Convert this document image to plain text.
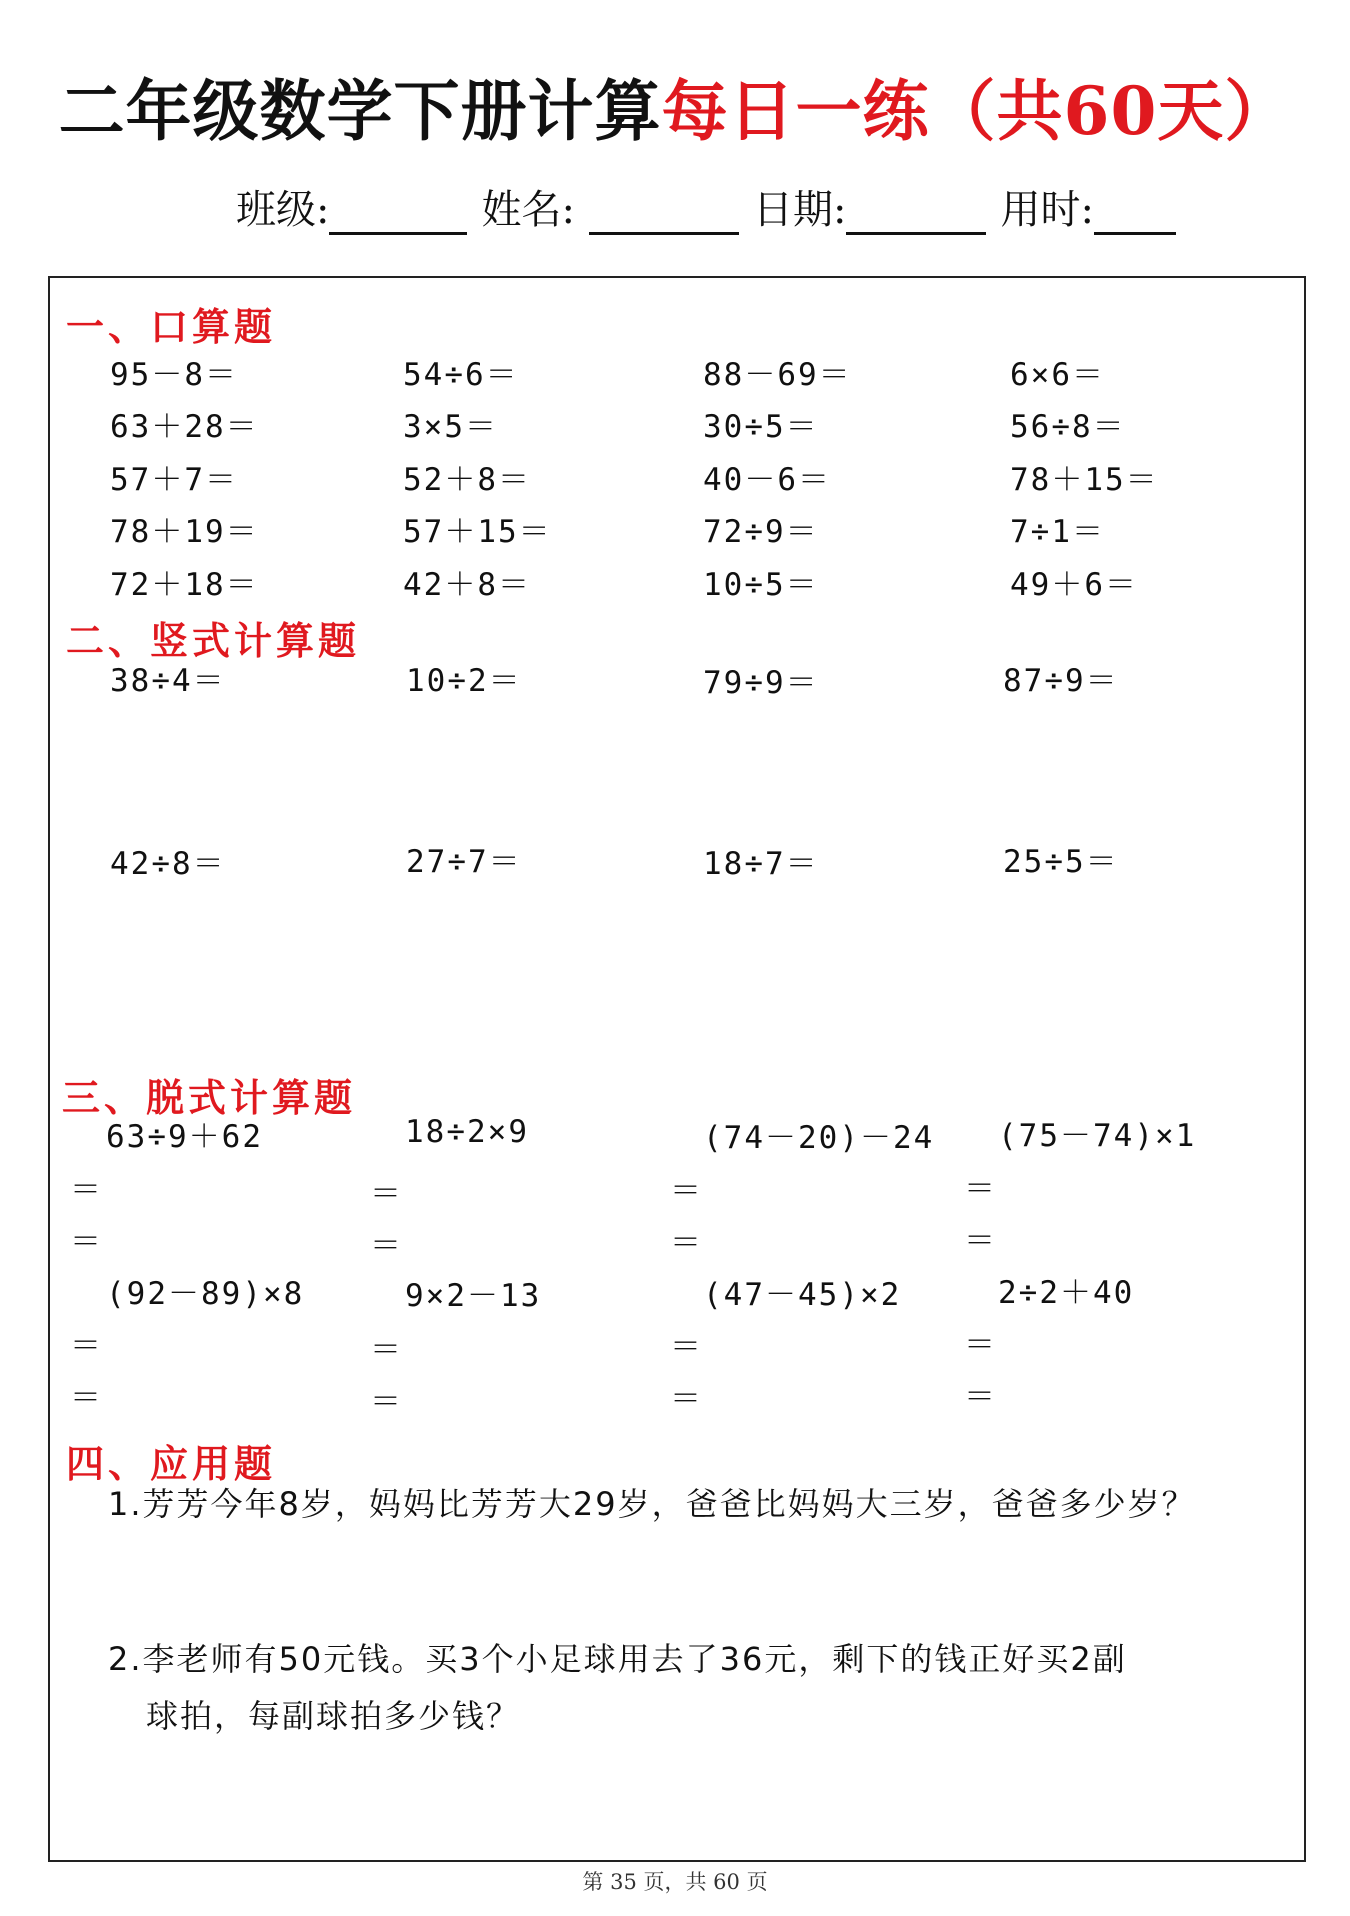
二年级数学下册计算每日一练（共60天）
班级:	姓名:	日期:	用时:
一、口算题
95－8＝	54÷6＝	88－69＝	6×6＝
63＋28＝	3×5＝	30÷5＝	56÷8＝
57＋7＝	52＋8＝	40－6＝	78＋15＝
78＋19＝	57＋15＝	72÷9＝	7÷1＝
72＋18＝	42＋8＝	10÷5＝	49＋6＝
二、竖式计算题
38÷4＝	10÷2＝	79÷9＝	87÷9＝
42÷8＝	27÷7＝	18÷7＝	25÷5＝
三、脱式计算题
63÷9＋62	18÷2×9	(74－20)－24 (75－74)×1
＝	＝	＝	＝
＝	＝	＝	＝
(92－89)×8	9×2－13	(47－45)×2	2÷2＋40
＝	＝	＝	＝
＝	＝	＝	＝
四、应用题
1.芳芳今年8岁，妈妈比芳芳大29岁，爸爸比妈妈大三岁，爸爸多少岁？
2.李老师有50元钱。买3个小足球用去了36元，剩下的钱正好买2副
球拍，每副球拍多少钱？
第 35 页，共 60 页
